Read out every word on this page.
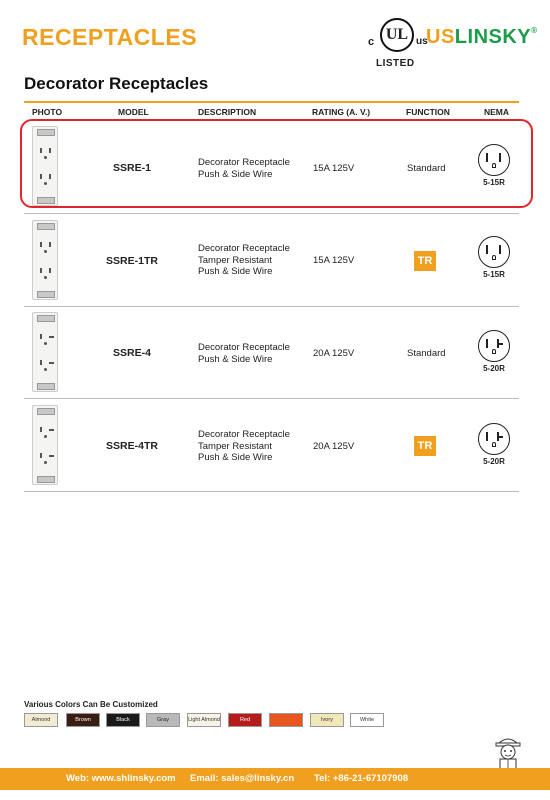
RECEPTACLES	c UL us
LISTED
USLINSKY®
Decorator Receptacles
PHOTO	MODEL	DESCRIPTION	RATING (A. V.)	FUNCTION	NEMA
SSRE-1	Decorator Receptacle
Push & Side Wire	15A 125V	Standard
5-15R
SSRE-1TR
Decorator Receptacle
Tamper Resistant
Push & Side Wire
15A 125V	TR
5-15R
SSRE-4	Decorator Receptacle
Push & Side Wire	20A 125V	Standard
5-20R
SSRE-4TR
Decorator Receptacle
Tamper Resistant
Push & Side Wire
20A 125V	TR
5-20R
Various Colors Can Be Customized
Almond	Brown	Black	Gray	Light Almond	Red	Ivory	White
Web: www.shlinsky.com Email: sales@linsky.cn Tel: +86-21-67107908
